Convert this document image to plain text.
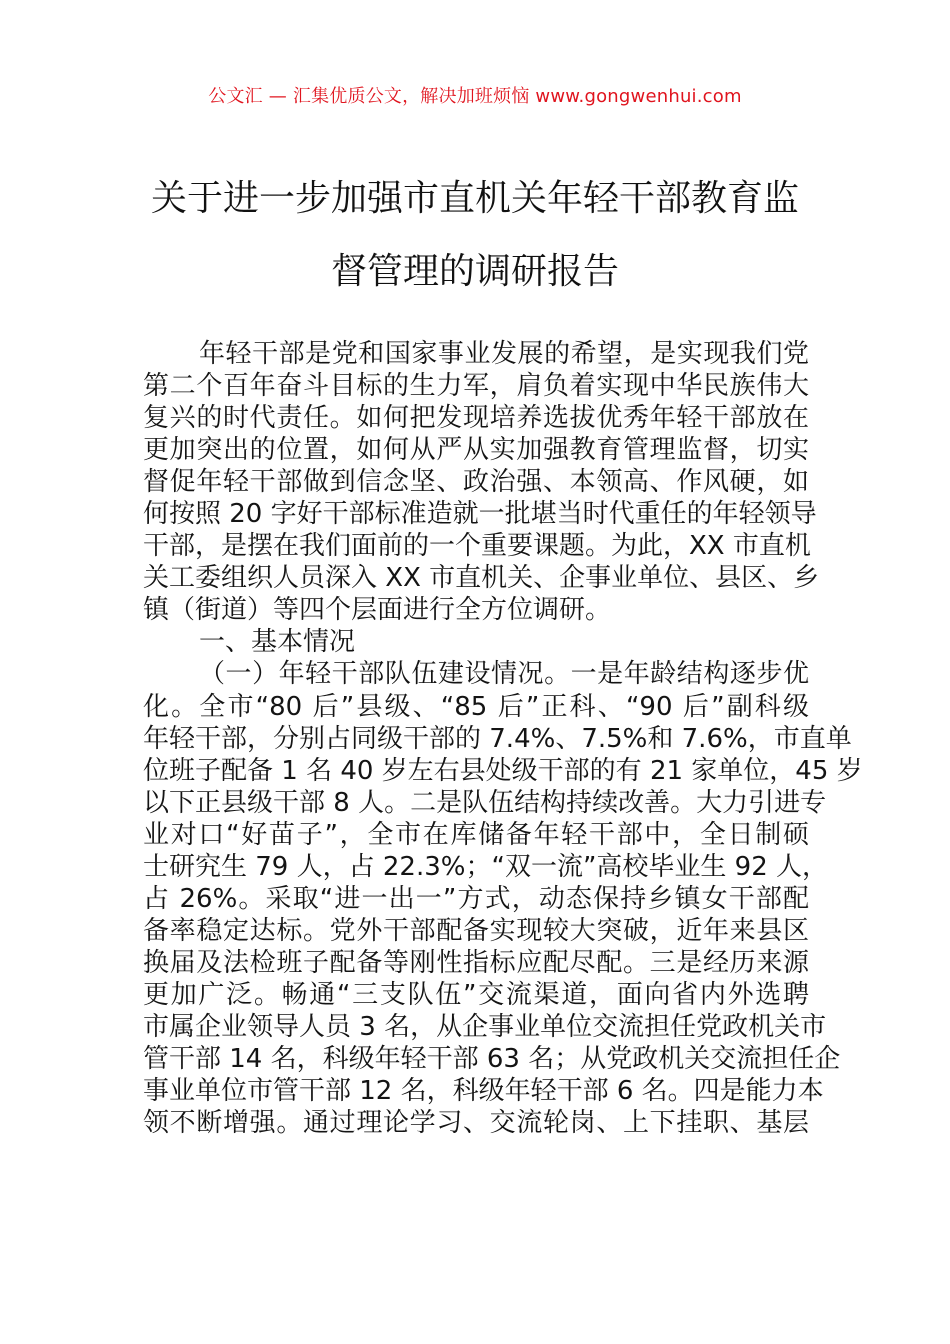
公文汇 — 汇集优质公文，解决加班烦恼 www.gongwenhui.com
关于进一步加强市直机关年轻干部教育监
督管理的调研报告
年轻干部是党和国家事业发展的希望，是实现我们党
第二个百年奋斗目标的生力军，肩负着实现中华民族伟大
复兴的时代责任。如何把发现培养选拔优秀年轻干部放在
更加突出的位置，如何从严从实加强教育管理监督，切实
督促年轻干部做到信念坚、政治强、本领高、作风硬，如
何按照 20 字好干部标准造就一批堪当时代重任的年轻领导
干部，是摆在我们面前的一个重要课题。为此，XX 市直机
关工委组织人员深入 XX 市直机关、企事业单位、县区、乡
镇（街道）等四个层面进行全方位调研。
一、基本情况
（一）年轻干部队伍建设情况。一是年龄结构逐步优
化。全市“80 后”县级、“85 后”正科、“90 后”副科级
年轻干部，分别占同级干部的 7.4%、7.5%和 7.6%，市直单
位班子配备 1 名 40 岁左右县处级干部的有 21 家单位，45 岁
以下正县级干部 8 人。二是队伍结构持续改善。大力引进专
业对口“好苗子”，全市在库储备年轻干部中，全日制硕
士研究生 79 人，占 22.3%；“双一流”高校毕业生 92 人，
占 26%。采取“进一出一”方式，动态保持乡镇女干部配
备率稳定达标。党外干部配备实现较大突破，近年来县区
换届及法检班子配备等刚性指标应配尽配。三是经历来源
更加广泛。畅通“三支队伍”交流渠道，面向省内外选聘
市属企业领导人员 3 名，从企事业单位交流担任党政机关市
管干部 14 名，科级年轻干部 63 名；从党政机关交流担任企
事业单位市管干部 12 名，科级年轻干部 6 名。四是能力本
领不断增强。通过理论学习、交流轮岗、上下挂职、基层
